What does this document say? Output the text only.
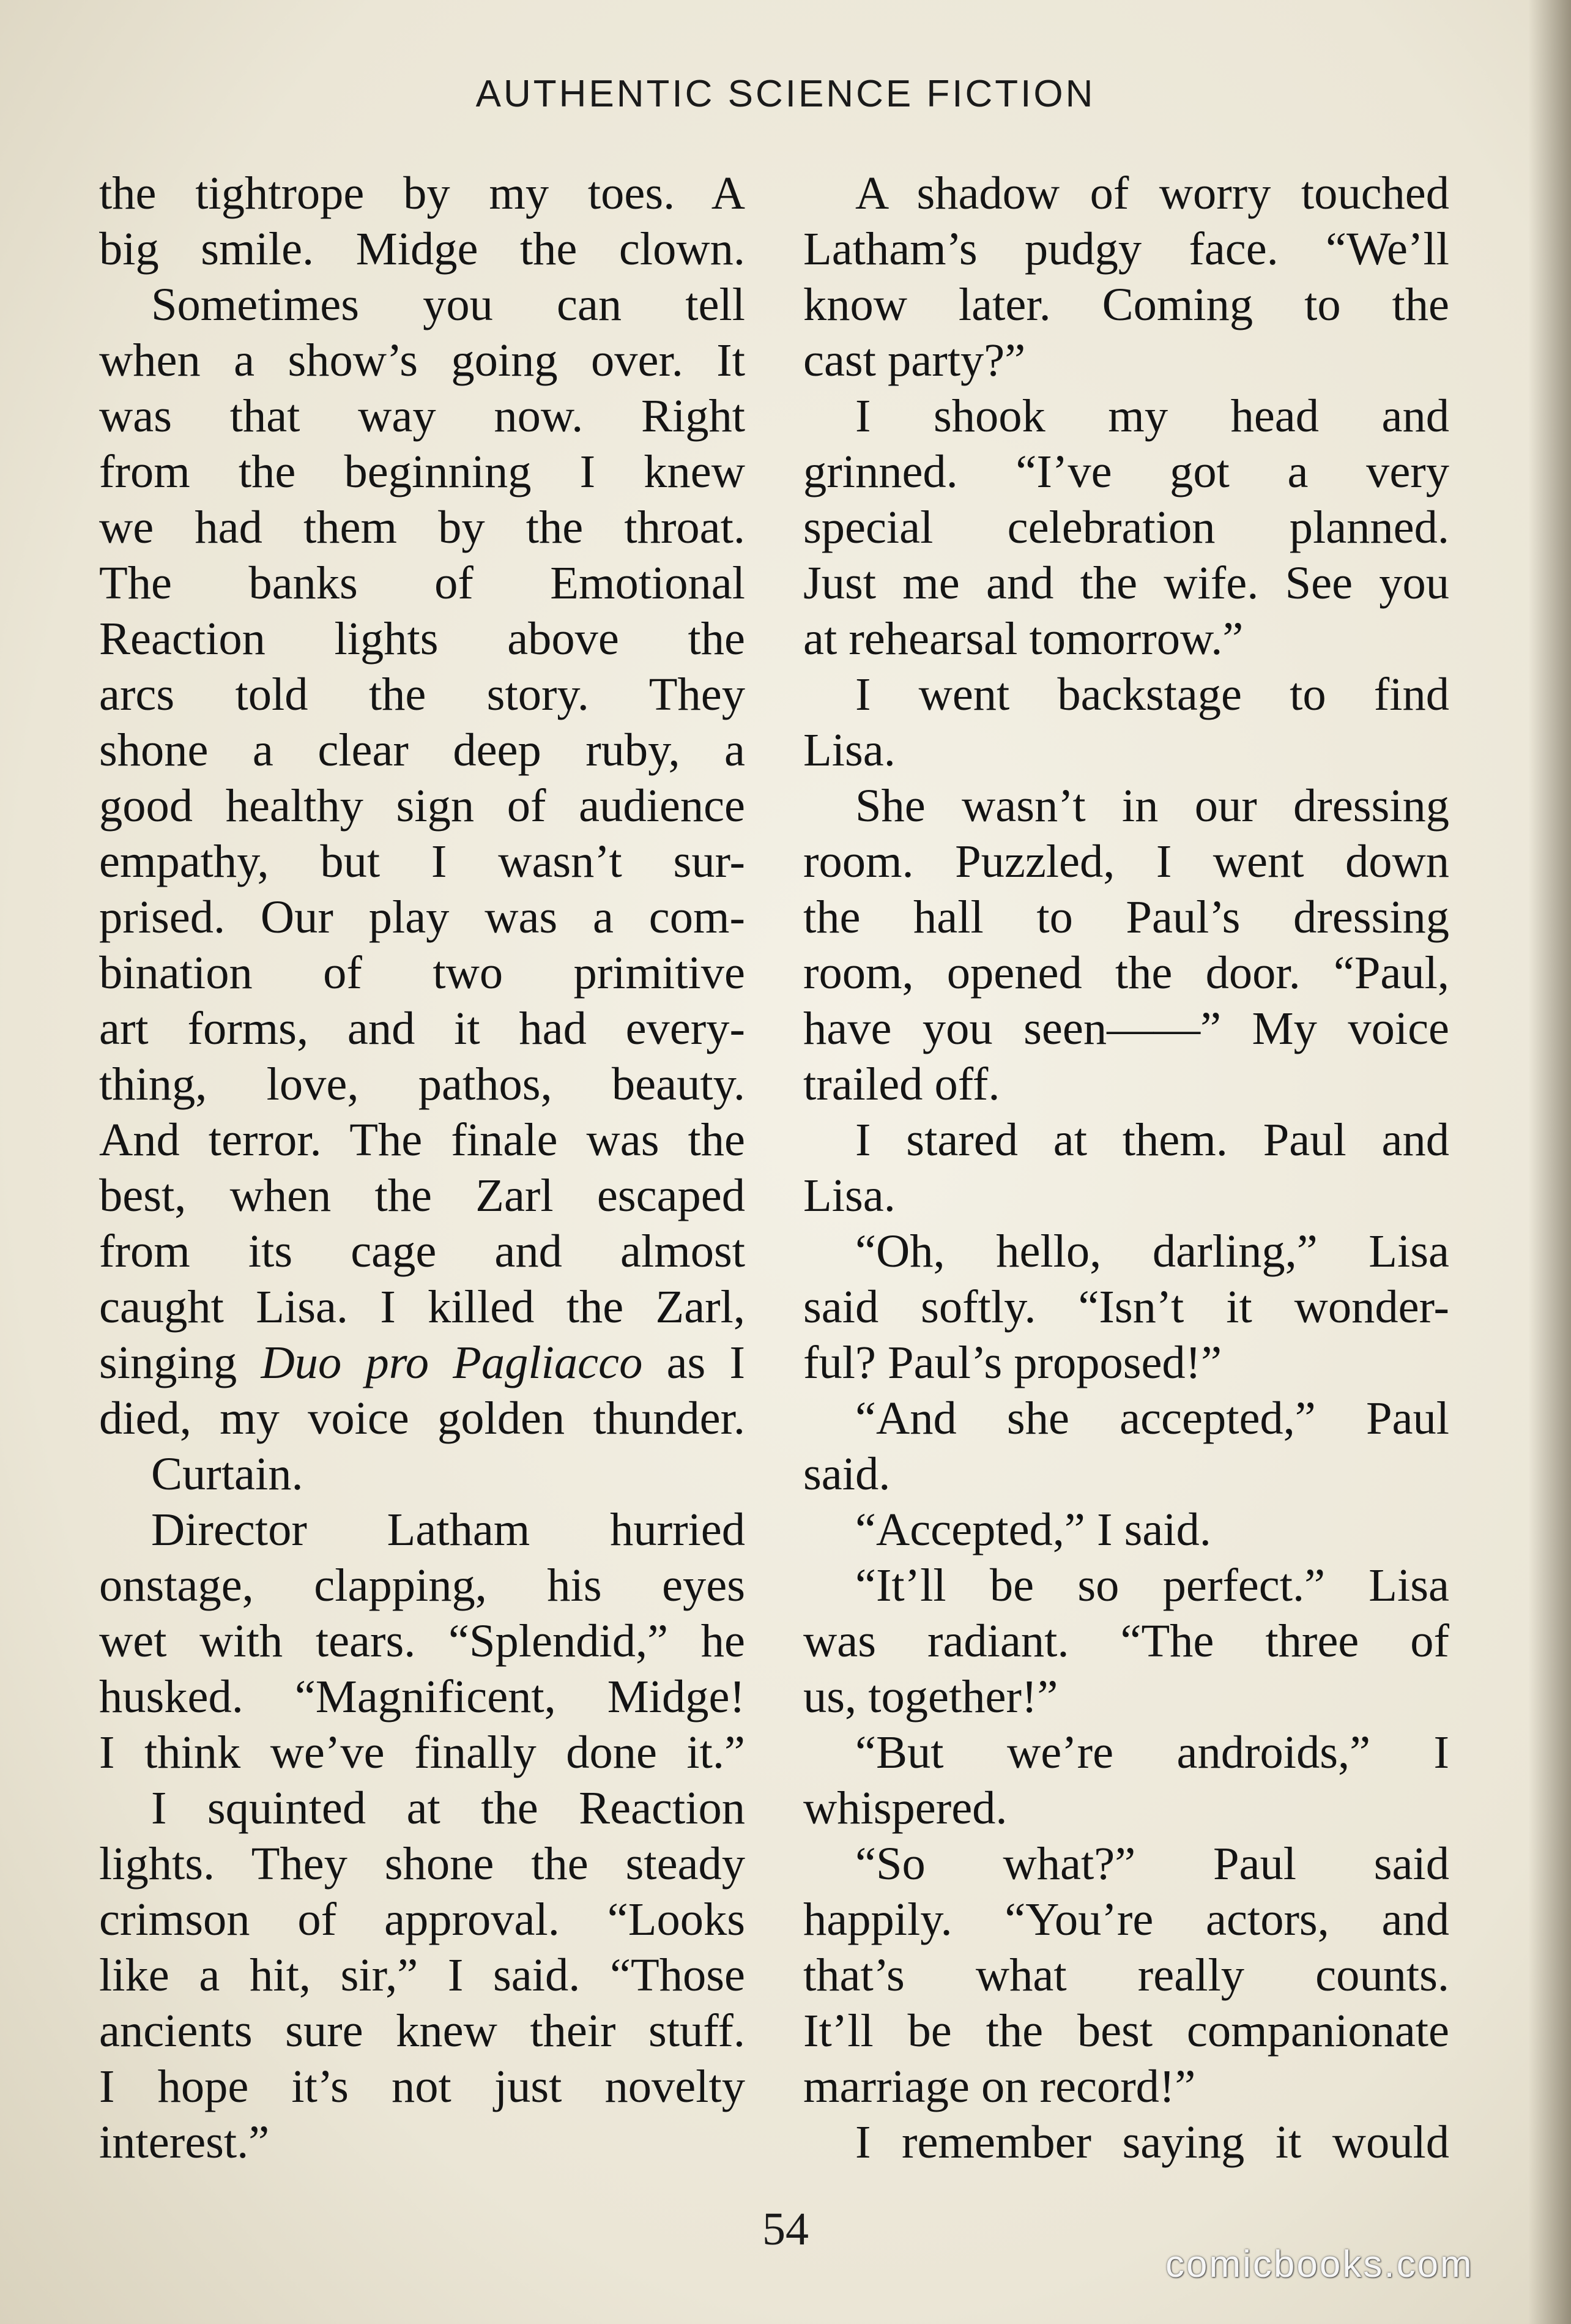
AUTHENTIC SCIENCE FICTION
the tightrope by my toes. A
big smile. Midge the clown.
Sometimes you can tell
when a show’s going over. It
was that way now. Right
from the beginning I knew
we had them by the throat.
The banks of Emotional
Reaction lights above the
arcs told the story. They
shone a clear deep ruby, a
good healthy sign of audience
empathy, but I wasn’t sur-
prised. Our play was a com-
bination of two primitive
art forms, and it had every-
thing, love, pathos, beauty.
And terror. The finale was the
best, when the Zarl escaped
from its cage and almost
caught Lisa. I killed the Zarl,
singing Duo pro Pagliacco as I
died, my voice golden thunder.
Curtain.
Director Latham hurried
onstage, clapping, his eyes
wet with tears. “Splendid,” he
husked. “Magnificent, Midge!
I think we’ve finally done it.”
I squinted at the Reaction
lights. They shone the steady
crimson of approval. “Looks
like a hit, sir,” I said. “Those
ancients sure knew their stuff.
I hope it’s not just novelty
interest.”
A shadow of worry touched
Latham’s pudgy face. “We’ll
know later. Coming to the
cast party?”
I shook my head and
grinned. “I’ve got a very
special celebration planned.
Just me and the wife. See you
at rehearsal tomorrow.”
I went backstage to find
Lisa.
She wasn’t in our dressing
room. Puzzled, I went down
the hall to Paul’s dressing
room, opened the door. “Paul,
have you seen——” My voice
trailed off.
I stared at them. Paul and
Lisa.
“Oh, hello, darling,” Lisa
said softly. “Isn’t it wonder-
ful? Paul’s proposed!”
“And she accepted,” Paul
said.
“Accepted,” I said.
“It’ll be so perfect.” Lisa
was radiant. “The three of
us, together!”
“But we’re androids,” I
whispered.
“So what?” Paul said
happily. “You’re actors, and
that’s what really counts.
It’ll be the best companionate
marriage on record!”
I remember saying it would
54
comicbooks.com
